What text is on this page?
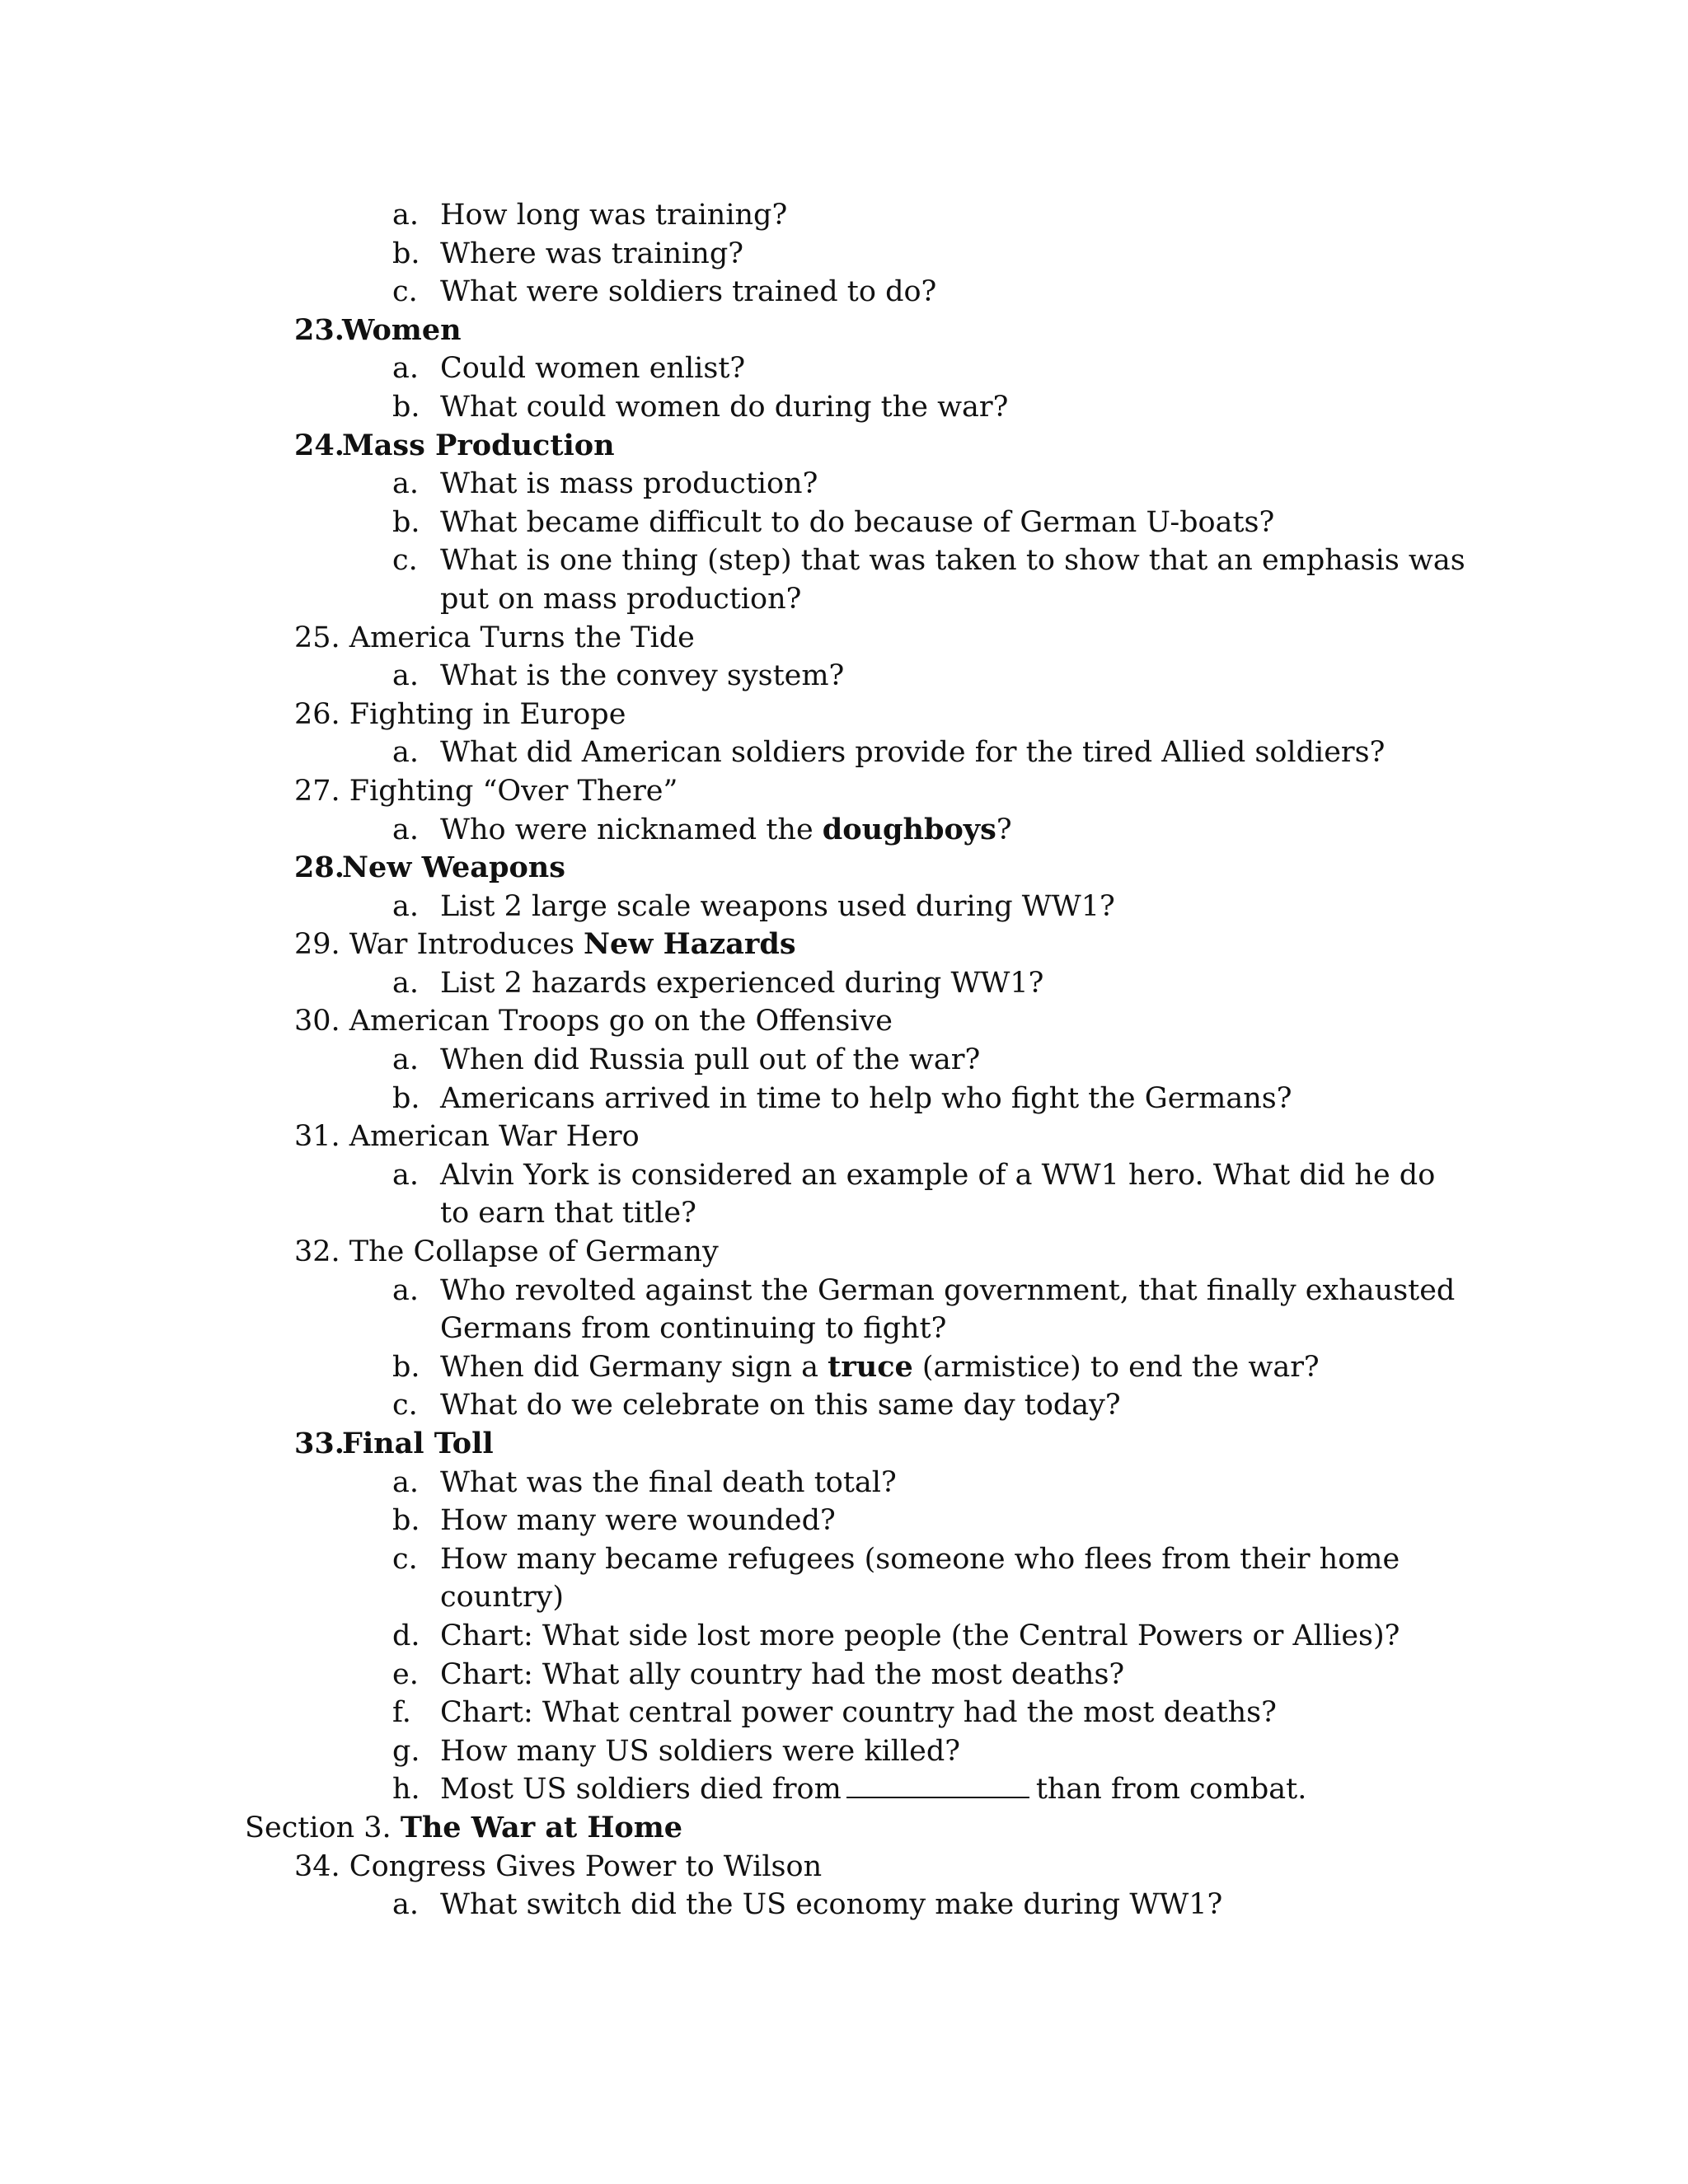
a. How long was training?
b. Where was training?
c. What were soldiers trained to do?
23.
Women
a. Could women enlist?
b. What could women do during the war?
24.
Mass Production
a. What is mass production?
b. What became difficult to do because of German U-boats?
c. What is one thing (step) that was taken to show that an emphasis was
put on mass production?
25. America Turns the Tide
a. What is the convey system?
26. Fighting in Europe
a. What did American soldiers provide for the tired Allied soldiers?
27. Fighting “Over There”
a. Who were nicknamed the doughboys?
28.
New Weapons
a. List 2 large scale weapons used during WW1?
29. War Introduces New Hazards
a. List 2 hazards experienced during WW1?
30. American Troops go on the Offensive
a. When did Russia pull out of the war?
b. Americans arrived in time to help who fight the Germans?
31. American War Hero
a. Alvin York is considered an example of a WW1 hero. What did he do
to earn that title?
32. The Collapse of Germany
a. Who revolted against the German government, that finally exhausted
Germans from continuing to fight?
b. When did Germany sign a truce (armistice) to end the war?
c. What do we celebrate on this same day today?
33.
Final Toll
a. What was the final death total?
b. How many were wounded?
c. How many became refugees (someone who flees from their home
country)
d. Chart: What side lost more people (the Central Powers or Allies)?
e. Chart: What ally country had the most deaths?
f. Chart: What central power country had the most deaths?
g. How many US soldiers were killed?
h. Most US soldiers died from	than from combat.
Section 3. The War at Home
34. Congress Gives Power to Wilson
a. What switch did the US economy make during WW1?
